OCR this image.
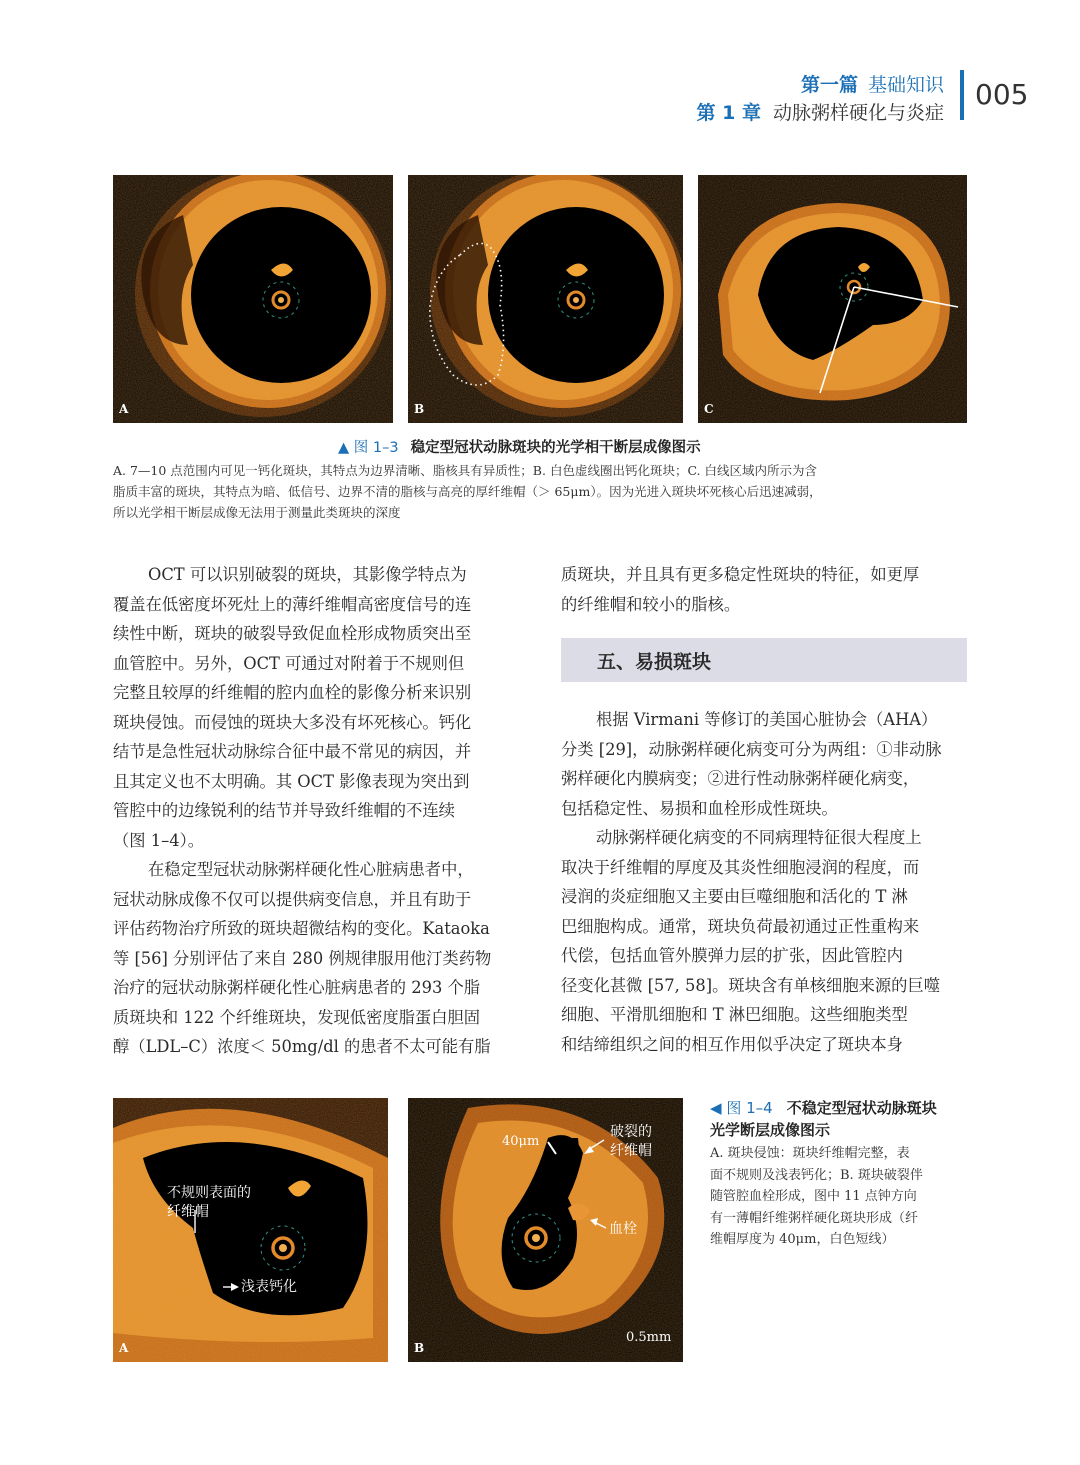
第一篇 基础知识
第 1 章 动脉粥样硬化与炎症
005
A	B	C
▲ 图 1–3 稳定型冠状动脉斑块的光学相干断层成像图示
A. 7—10 点范围内可见一钙化斑块，其特点为边界清晰、脂核具有异质性；B. 白色虚线圈出钙化斑块；C. 白线区域内所示为含
脂质丰富的斑块，其特点为暗、低信号、边界不清的脂核与高亮的厚纤维帽（＞ 65μm）。因为光进入斑块坏死核心后迅速减弱，
所以光学相干断层成像无法用于测量此类斑块的深度
OCT 可以识别破裂的斑块，其影像学特点为
覆盖在低密度坏死灶上的薄纤维帽高密度信号的连
续性中断，斑块的破裂导致促血栓形成物质突出至
血管腔中。另外，OCT 可通过对附着于不规则但
完整且较厚的纤维帽的腔内血栓的影像分析来识别
斑块侵蚀。而侵蚀的斑块大多没有坏死核心。钙化
结节是急性冠状动脉综合征中最不常见的病因，并
且其定义也不太明确。其 OCT 影像表现为突出到
管腔中的边缘锐利的结节并导致纤维帽的不连续
（图 1–4）。
在稳定型冠状动脉粥样硬化性心脏病患者中，
冠状动脉成像不仅可以提供病变信息，并且有助于
评估药物治疗所致的斑块超微结构的变化。Kataoka
等 [56] 分别评估了来自 280 例规律服用他汀类药物
治疗的冠状动脉粥样硬化性心脏病患者的 293 个脂
质斑块和 122 个纤维斑块，发现低密度脂蛋白胆固
醇（LDL–C）浓度＜ 50mg/dl 的患者不太可能有脂
质斑块，并且具有更多稳定性斑块的特征，如更厚
的纤维帽和较小的脂核。
五、易损斑块
根据 Virmani 等修订的美国心脏协会（AHA）
分类 [29]，动脉粥样硬化病变可分为两组：①非动脉
粥样硬化内膜病变；②进行性动脉粥样硬化病变，
包括稳定性、易损和血栓形成性斑块。
动脉粥样硬化病变的不同病理特征很大程度上
取决于纤维帽的厚度及其炎性细胞浸润的程度，而
浸润的炎症细胞又主要由巨噬细胞和活化的 T 淋
巴细胞构成。通常，斑块负荷最初通过正性重构来
代偿，包括血管外膜弹力层的扩张，因此管腔内
径变化甚微 [57, 58]。斑块含有单核细胞来源的巨噬
细胞、平滑肌细胞和 T 淋巴细胞。这些细胞类型
和结缔组织之间的相互作用似乎决定了斑块本身
不规则表面的
纤维帽
浅表钙化
A
40μm
破裂的
纤维帽
血栓
0.5mm
B
◀ 图 1–4 不稳定型冠状动脉斑块
光学断层成像图示
A. 斑块侵蚀：斑块纤维帽完整，表
面不规则及浅表钙化；B. 斑块破裂伴
随管腔血栓形成，图中 11 点钟方向
有一薄帽纤维粥样硬化斑块形成（纤
维帽厚度为 40μm，白色短线）
